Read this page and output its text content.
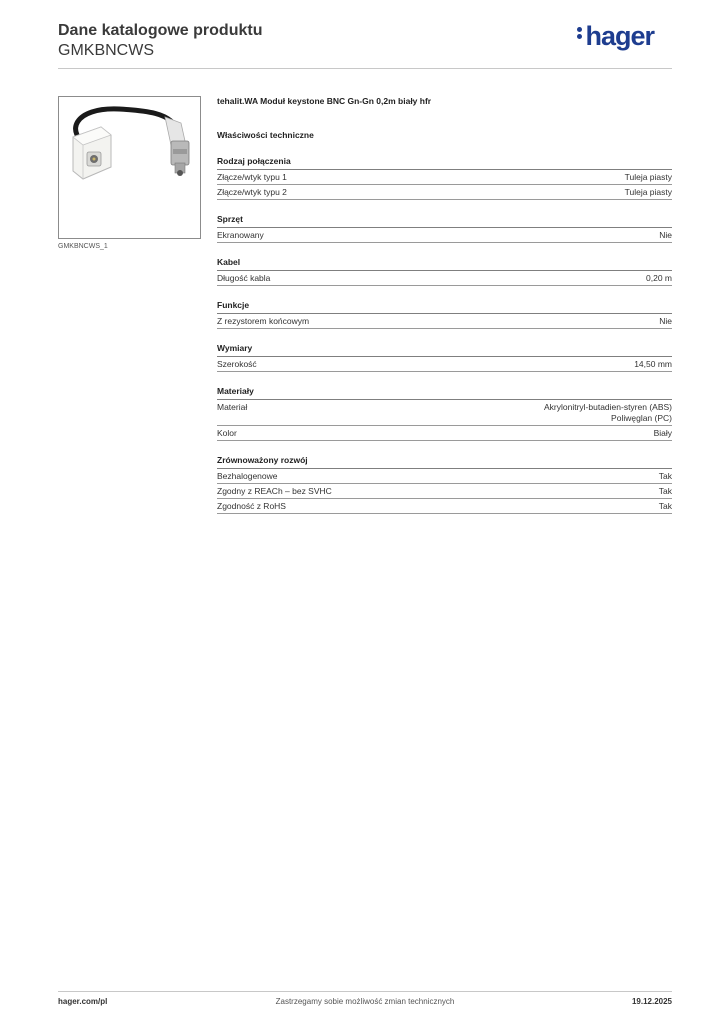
Dane katalogowe produktu
GMKBNCWS	hager
GMKBNCWS_1
tehalit.WA Moduł keystone BNC Gn-Gn 0,2m biały hfr
Właściwości techniczne
Rodzaj połączenia
Złącze/wtyk typu 1	Tuleja piasty
Złącze/wtyk typu 2	Tuleja piasty
Sprzęt
Ekranowany	Nie
Kabel
Długość kabla	0,20 m
Funkcje
Z rezystorem końcowym	Nie
Wymiary
Szerokość	14,50 mm
Materiały
Materiał	Akrylonitryl-butadien-styren (ABS)
Poliwęglan (PC)
Kolor	Biały
Zrównoważony rozwój
Bezhalogenowe	Tak
Zgodny z REACh – bez SVHC	Tak
Zgodność z RoHS	Tak
hager.com/pl	Zastrzegamy sobie możliwość zmian technicznych	19.12.2025
